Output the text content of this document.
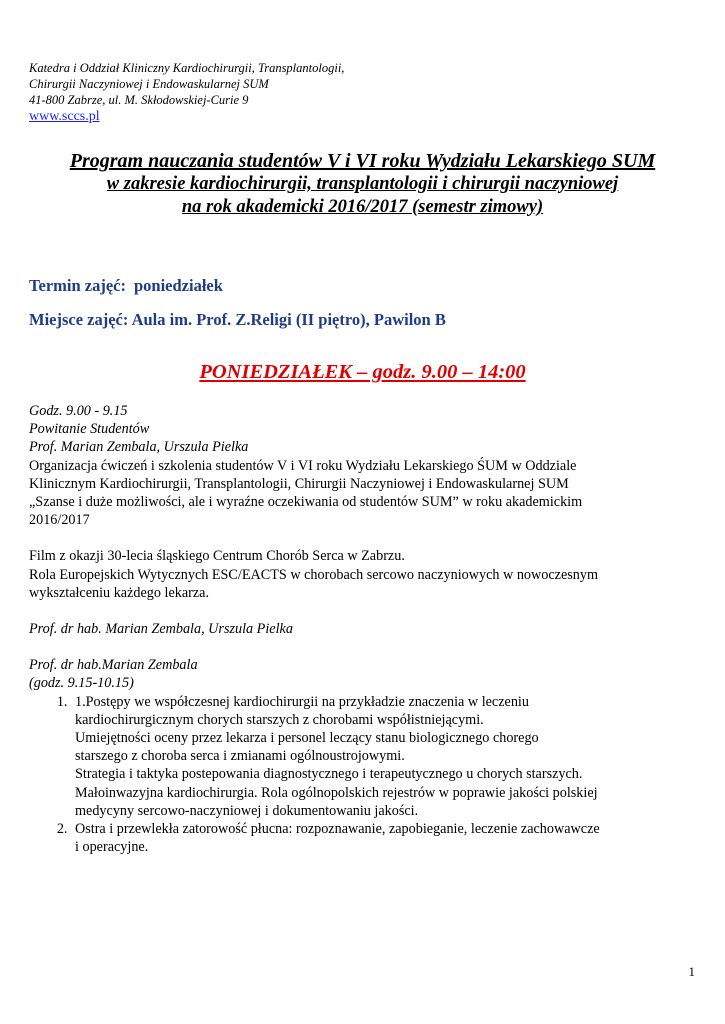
Katedra i Oddział Kliniczny Kardiochirurgii, Transplantologii,
Chirurgii Naczyniowej i Endowaskularnej SUM
41-800 Zabrze, ul. M. Skłodowskiej-Curie 9
www.sccs.pl
Program nauczania studentów V i VI roku Wydziału Lekarskiego SUM
w zakresie kardiochirurgii, transplantologii i chirurgii naczyniowej
na rok akademicki 2016/2017 (semestr zimowy)
Termin zajęć: poniedziałek
Miejsce zajęć: Aula im. Prof. Z.Religi (II piętro), Pawilon B
PONIEDZIAŁEK – godz. 9.00 – 14:00

Godz. 9.00 - 9.15

Powitanie Studentów

Prof. Marian Zembala, Urszula Pielka

Organizacja ćwiczeń i szkolenia studentów V i VI roku Wydziału Lekarskiego ŚUM w Oddziale

Klinicznym Kardiochirurgii, Transplantologii, Chirurgii Naczyniowej i Endowaskularnej SUM

„Szanse i duże możliwości, ale i wyraźne oczekiwania od studentów SUM” w roku akademickim

2016/2017

Film z okazji 30-lecia śląskiego Centrum Chorób Serca w Zabrzu.

Rola Europejskich Wytycznych ESC/EACTS w chorobach sercowo naczyniowych w nowoczesnym

wykształceniu każdego lekarza.

Prof. dr hab. Marian Zembala, Urszula Pielka

Prof. dr hab.Marian Zembala

(godz. 9.15-10.15)

1. 1.Postępy we współczesnej kardiochirurgii na przykładzie znaczenia w leczeniu
kardiochirurgicznym chorych starszych z chorobami współistniejącymi.
Umiejętności oceny przez lekarza i personel leczący stanu biologicznego chorego
starszego z choroba serca i zmianami ogólnoustrojowymi.
Strategia i taktyka postepowania diagnostycznego i terapeutycznego u chorych starszych.
Małoinwazyjna kardiochirurgia. Rola ogólnopolskich rejestrów w poprawie jakości polskiej
medycyny sercowo-naczyniowej i dokumentowaniu jakości.
2. Ostra i przewlekła zatorowość płucna: rozpoznawanie, zapobieganie, leczenie zachowawcze
i operacyjne.
1
